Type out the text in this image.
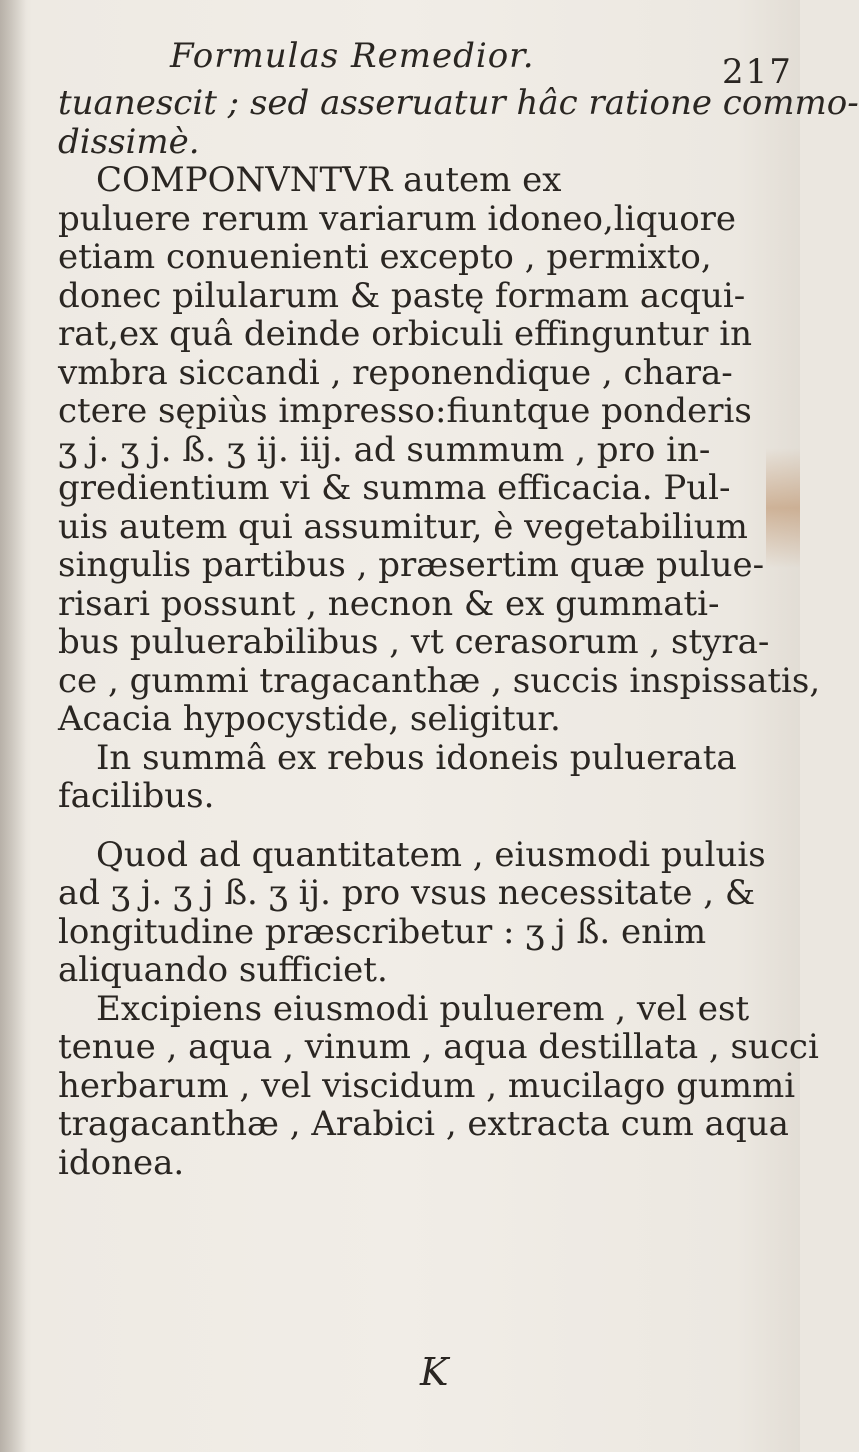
Formulas Remedior.	217
tuanescit ; sed asseruatur hâc ratione commo-
dissimè.
COMPONVNTVR autem ex
puluere rerum variarum idoneo,liquore
etiam conuenienti excepto , permixto,
donec pilularum & pastę formam acqui-
rat,ex quâ deinde orbiculi effinguntur in
vmbra siccandi , reponendique , chara-
ctere sępiùs impresso:fiuntque ponderis
ʒ j. ʒ j. ß. ʒ ij. iij. ad summum , pro in-
gredientium vi & summa efficacia. Pul-
uis autem qui assumitur, è vegetabilium
singulis partibus , præsertim quæ pulue-
risari possunt , necnon & ex gummati-
bus puluerabilibus , vt cerasorum , styra-
ce , gummi tragacanthæ , succis inspissatis,
Acacia hypocystide, seligitur.
In summâ ex rebus idoneis puluerata
facilibus.
Quod ad quantitatem , eiusmodi puluis
ad ʒ j. ʒ j ß. ʒ ij. pro vsus necessitate , &
longitudine præscribetur : ʒ j ß. enim
aliquando sufficiet.
Excipiens eiusmodi puluerem , vel est
tenue , aqua , vinum , aqua destillata , succi
herbarum , vel viscidum , mucilago gummi
tragacanthæ , Arabici , extracta cum aqua
idonea.
K
